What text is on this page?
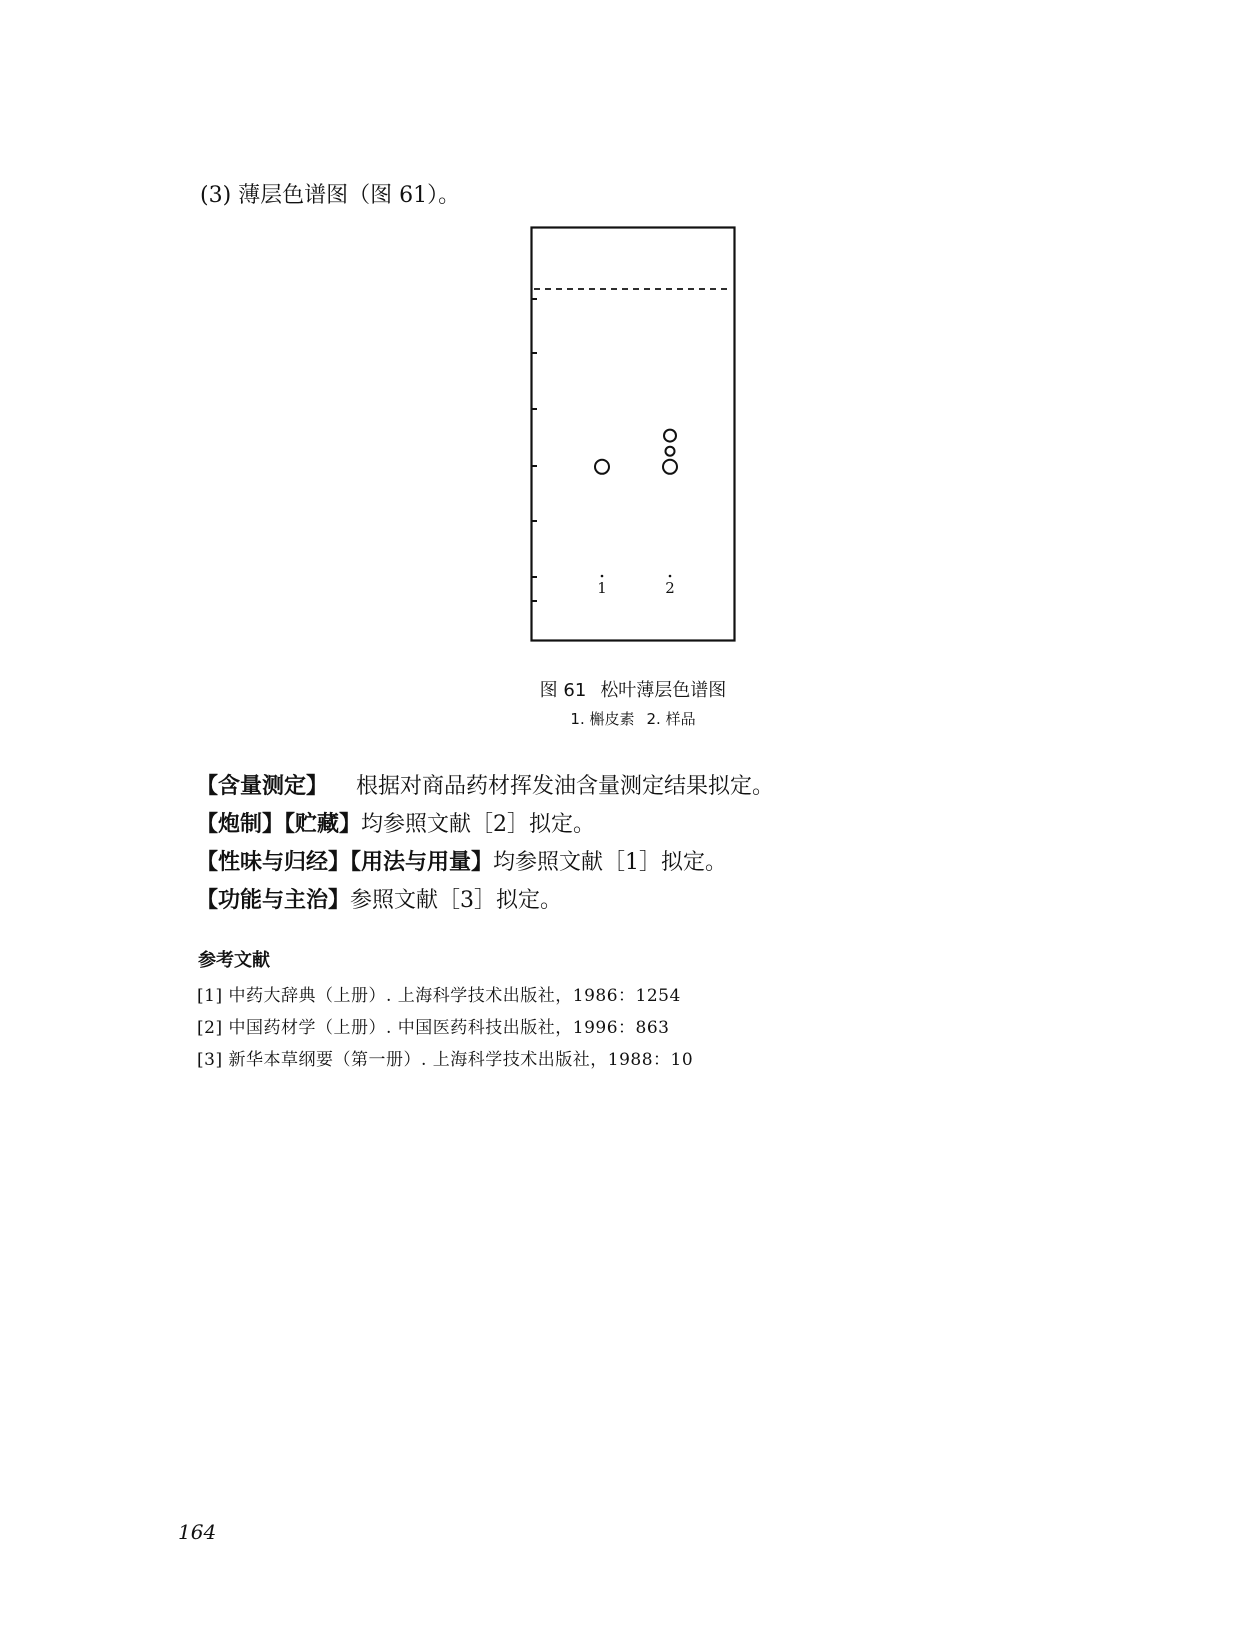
(3) 薄层色谱图（图 61）。
1	2
图 61 松叶薄层色谱图
1. 槲皮素 2. 样品
【含量测定】 根据对商品药材挥发油含量测定结果拟定。
【炮制】【贮藏】均参照文献［2］拟定。
【性味与归经】【用法与用量】均参照文献［1］拟定。
【功能与主治】参照文献［3］拟定。
参考文献
[1] 中药大辞典（上册）. 上海科学技术出版社，1986：1254
[2] 中国药材学（上册）. 中国医药科技出版社，1996：863
[3] 新华本草纲要（第一册）. 上海科学技术出版社，1988：10
164
